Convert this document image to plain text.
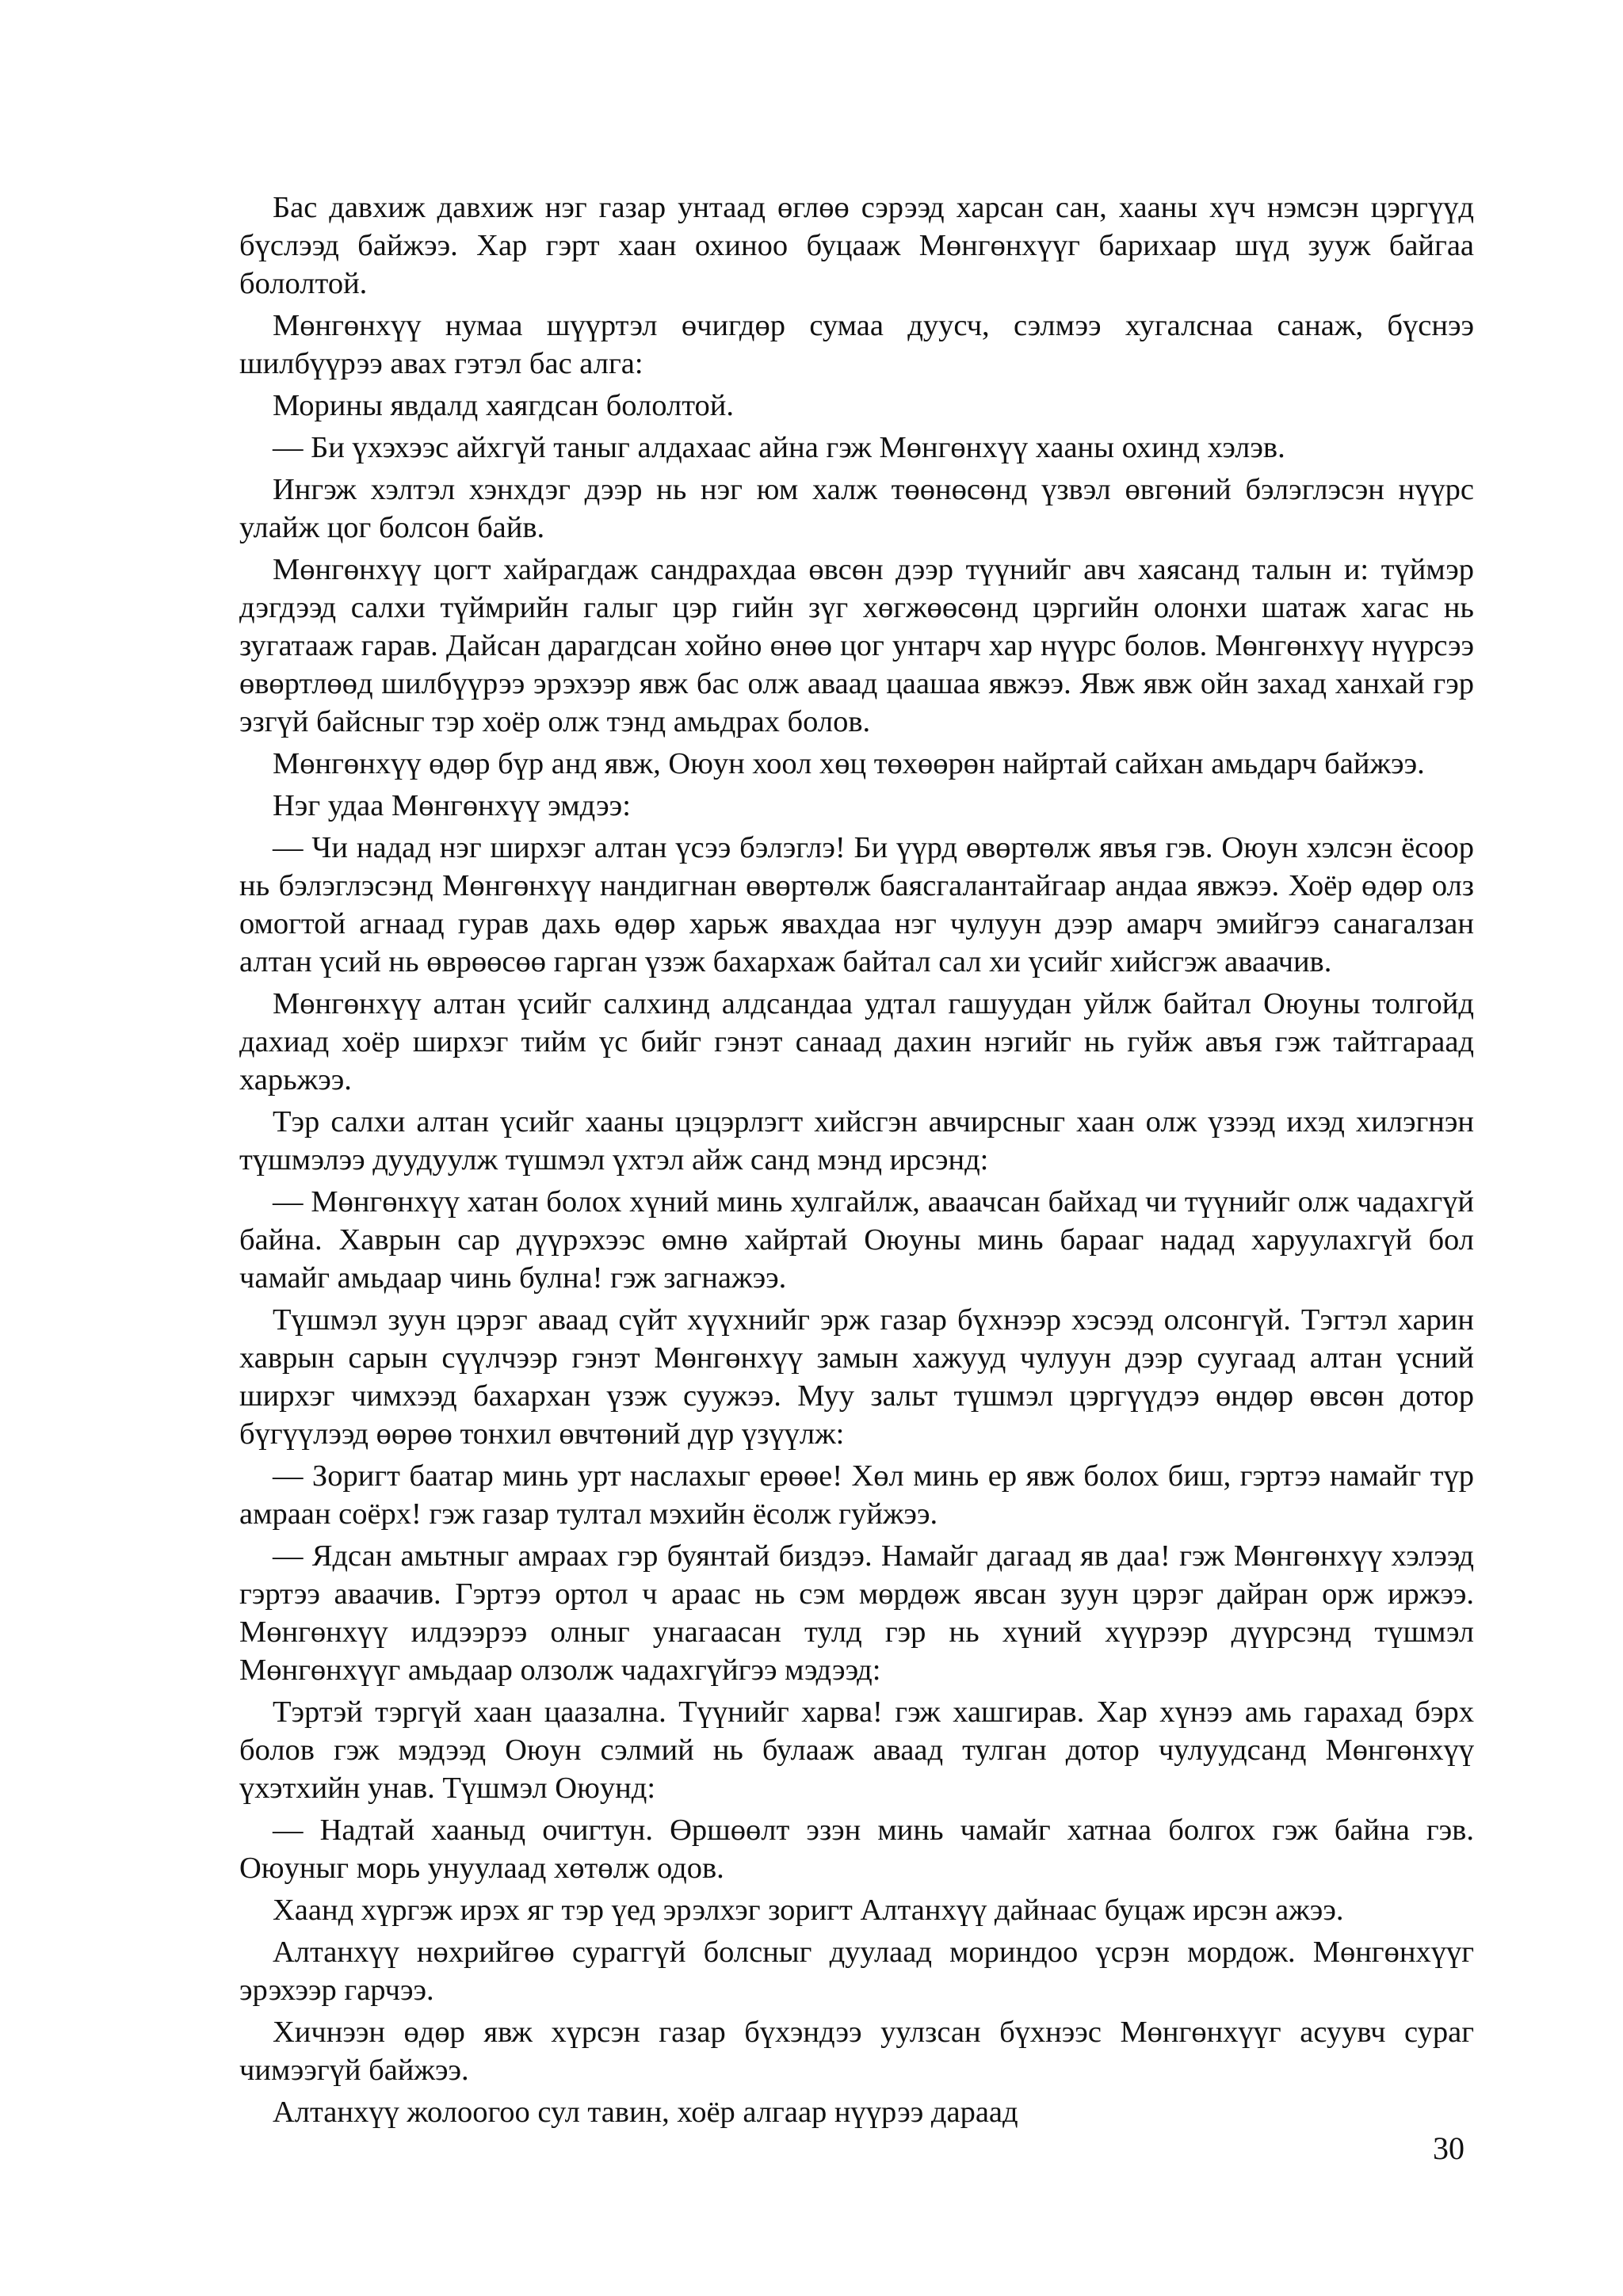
Бас давхиж давхиж нэг газар унтаад өглөө сэрээд харсан сан, хааны хүч нэмсэн цэргүүд бүслээд байжээ. Хар гэрт хаан охиноо буцааж Мөнгөнхүүг барихаар шүд зууж байгаа бололтой.

Мөнгөнхүү нумаа шүүртэл өчигдөр сумаа дуусч, сэлмээ хугалснаа санаж, бүснээ шилбүүрээ авах гэтэл бас алга:

Морины явдалд хаягдсан бололтой.

— Би үхэхээс айхгүй таныг алдахаас айна гэж Мөнгөнхүү хааны охинд хэлэв.

Ингэж хэлтэл хэнхдэг дээр нь нэг юм халж төөнөсөнд үзвэл өвгөний бэлэглэсэн нүүрс улайж цог болсон байв.

Мөнгөнхүү цогт хайрагдаж сандрахдаа өвсөн дээр түүнийг авч хаясанд талын и: түймэр дэгдээд салхи түймрийн галыг цэр гийн зүг хөгжөөсөнд цэргийн олонхи шатаж хагас нь зугатааж гарав. Дайсан дарагдсан хойно өнөө цог унтарч хар нүүрс болов. Мөнгөнхүү нүүрсээ өвөртлөөд шилбүүрээ эрэхээр явж бас олж аваад цаашаа явжээ. Явж явж ойн захад ханхай гэр эзгүй байсныг тэр хоёр олж тэнд амьдрах болов.

Мөнгөнхүү өдөр бүр анд явж, Оюун хоол хөц төхөөрөн найртай сайхан амьдарч байжээ.

Нэг удаа Мөнгөнхүү эмдээ:

— Чи надад нэг ширхэг алтан үсээ бэлэглэ! Би үүрд өвөртөлж явъя гэв. Оюун хэлсэн ёсоор нь бэлэглэсэнд Мөнгөнхүү нандигнан өвөртөлж баясгалантайгаар андаа явжээ. Хоёр өдөр олз омогтой агнаад гурав дахь өдөр харьж явахдаа нэг чулуун дээр амарч эмийгээ санагалзан алтан үсий нь өврөөсөө гарган үзэж бахархаж байтал сал хи үсийг хийсгэж аваачив.

Мөнгөнхүү алтан үсийг салхинд алдсандаа удтал гашуудан уйлж байтал Оюуны толгойд дахиад хоёр ширхэг тийм үс бийг гэнэт санаад дахин нэгийг нь гуйж авъя гэж тайтгараад харьжээ.

Тэр салхи алтан үсийг хааны цэцэрлэгт хийсгэн авчирсныг хаан олж үзээд ихэд хилэгнэн түшмэлээ дуудуулж түшмэл үхтэл айж санд мэнд ирсэнд:

— Мөнгөнхүү хатан болох хүний минь хулгайлж, аваачсан байхад чи түүнийг олж чадахгүй байна. Хаврын сар дүүрэхээс өмнө хайртай Оюуны минь барааг надад харуулахгүй бол чамайг амьдаар чинь булна! гэж загнажээ.

Түшмэл зуун цэрэг аваад сүйт хүүхнийг эрж газар бүхнээр хэсээд олсонгүй. Тэгтэл харин хаврын сарын сүүлчээр гэнэт Мөнгөнхүү замын хажууд чулуун дээр суугаад алтан үсний ширхэг чимхээд бахархан үзэж суужээ. Муу зальт түшмэл цэргүүдээ өндөр өвсөн дотор бүгүүлээд өөрөө тонхил өвчтөний дүр үзүүлж:

— Зоригт баатар минь урт наслахыг ерөөе! Хөл минь ер явж болох биш, гэртээ намайг түр амраан соёрх! гэж газар тултал мэхийн ёсолж гуйжээ.

— Ядсан амьтныг амраах гэр буянтай биздээ. Намайг дагаад яв даа! гэж Мөнгөнхүү хэлээд гэртээ аваачив. Гэртээ ортол ч араас нь сэм мөрдөж явсан зуун цэрэг дайран орж иржээ. Мөнгөнхүү илдээрээ олныг унагаасан тулд гэр нь хүний хүүрээр дүүрсэнд түшмэл Мөнгөнхүүг амьдаар олзолж чадахгүйгээ мэдээд:

Тэртэй тэргүй хаан цаазална. Түүнийг харва! гэж хашгирав. Хар хүнээ амь гарахад бэрх болов гэж мэдээд Оюун сэлмий нь булааж аваад тулган дотор чулуудсанд Мөнгөнхүү үхэтхийн унав. Түшмэл Оюунд:

— Надтай хааныд очигтун. Өршөөлт эзэн минь чамайг хатнаа болгох гэж байна гэв. Оюуныг морь унуулаад хөтөлж одов.

Хаанд хүргэж ирэх яг тэр үед эрэлхэг зоригт Алтанхүү дайнаас буцаж ирсэн ажээ.

Алтанхүү нөхрийгөө сураггүй болсныг дуулаад мориндоо үсрэн мордож. Мөнгөнхүүг эрэхээр гарчээ.

Хичнээн өдөр явж хүрсэн газар бүхэндээ уулзсан бүхнээс Мөнгөнхүүг асуувч сураг чимээгүй байжээ.

Алтанхүү жолоогоо сул тавин, хоёр алгаар нүүрээ дараад

30
